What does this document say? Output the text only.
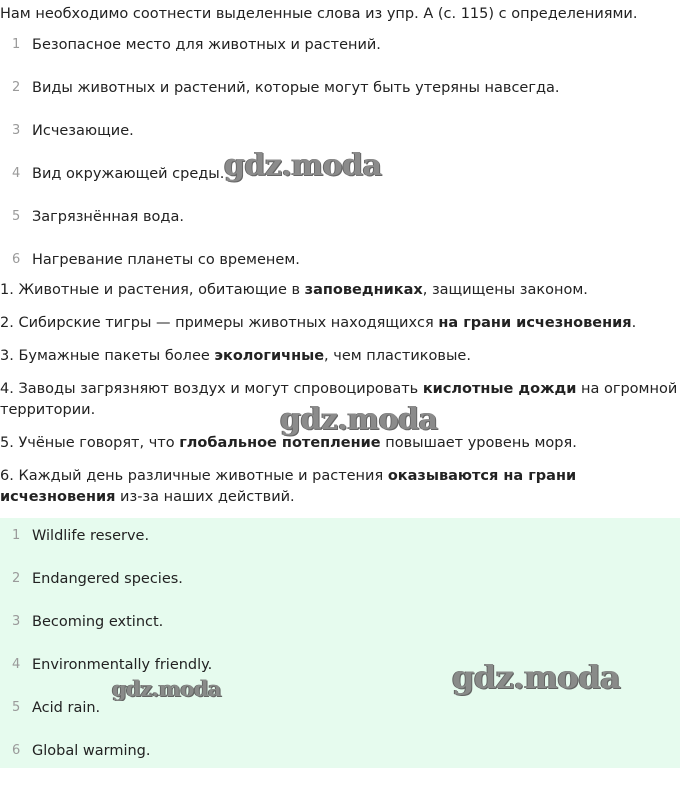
Нам необходимо соотнести выделенные слова из упр. A (с. 115) с определениями.
1 Безопасное место для животных и растений.
2 Виды животных и растений, которые могут быть утеряны навсегда.
3 Исчезающие.
4 Вид окружающей среды.
5 Загрязнённая вода.
6 Нагревание планеты со временем.
1. Животные и растения, обитающие в заповедниках, защищены законом.
2. Сибирские тигры — примеры животных находящихся на грани исчезновения.
3. Бумажные пакеты более экологичные, чем пластиковые.
4. Заводы загрязняют воздух и могут спровоцировать кислотные дожди на огромной территории.
5. Учёные говорят, что глобальное потепление повышает уровень моря.
6. Каждый день различные животные и растения оказываются на грани исчезновения из-за наших действий.
1 Wildlife reserve.
2 Endangered species.
3 Becoming extinct.
4 Environmentally friendly.
5 Acid rain.
6 Global warming.
gdz.moda
gdz.moda
gdz.moda	gdz.moda
